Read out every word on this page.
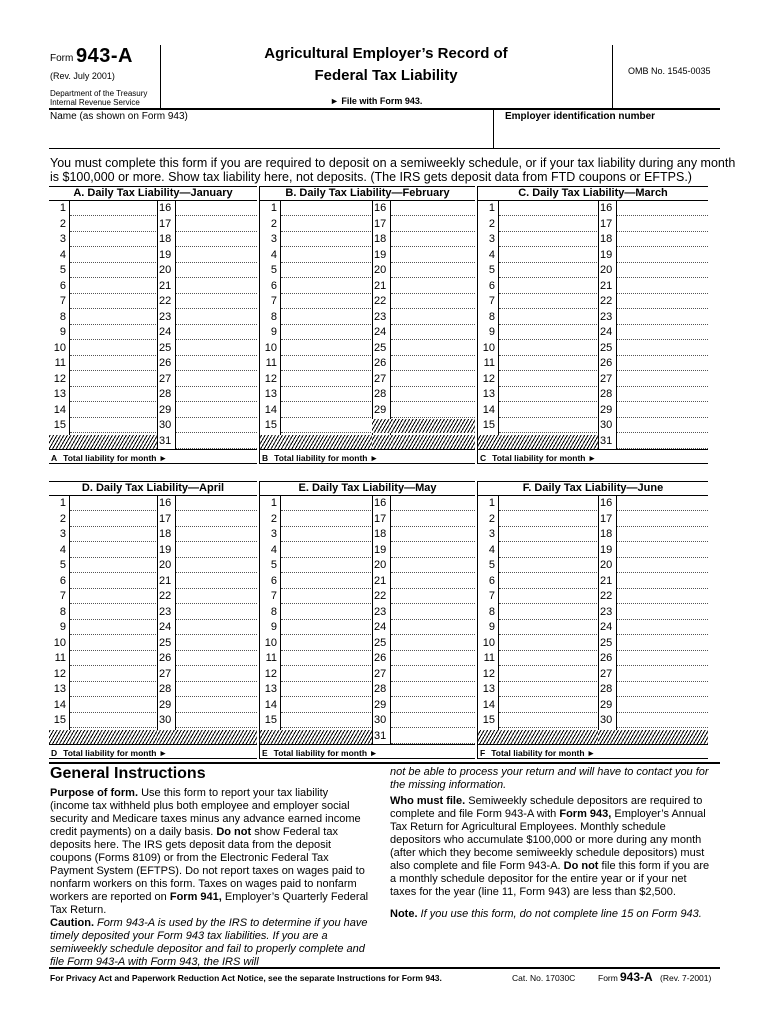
Form 943-A
(Rev. July 2001)
Department of the Treasury
Internal Revenue Service
Agricultural Employer’s Record of
Federal Tax Liability
► File with Form 943.
OMB No. 1545-0035
Name (as shown on Form 943)	Employer identification number
You must complete this form if you are required to deposit on a semiweekly schedule, or if your tax liability during any month
is $100,000 or more. Show tax liability here, not deposits. (The IRS gets deposit data from FTD coupons or EFTPS.)
A. Daily Tax Liability—January
1	16
2	17
3	18
4	19
5	20
6	21
7	22
8	23
9	24
10	25
11	26
12	27
13	28
14	29
15	30
31
A Total liability for month ►
B. Daily Tax Liability—February
1	16
2	17
3	18
4	19
5	20
6	21
7	22
8	23
9	24
10	25
11	26
12	27
13	28
14	29
15
B Total liability for month ►
C. Daily Tax Liability—March
1	16
2	17
3	18
4	19
5	20
6	21
7	22
8	23
9	24
10	25
11	26
12	27
13	28
14	29
15	30
31
C Total liability for month ►
D. Daily Tax Liability—April
1	16
2	17
3	18
4	19
5	20
6	21
7	22
8	23
9	24
10	25
11	26
12	27
13	28
14	29
15	30
D Total liability for month ►
E. Daily Tax Liability—May
1	16
2	17
3	18
4	19
5	20
6	21
7	22
8	23
9	24
10	25
11	26
12	27
13	28
14	29
15	30
31
E Total liability for month ►
F. Daily Tax Liability—June
1	16
2	17
3	18
4	19
5	20
6	21
7	22
8	23
9	24
10	25
11	26
12	27
13	28
14	29
15	30
F Total liability for month ►
General Instructions
Purpose of form. Use this form to report your tax liability (income tax withheld plus both employee and employer social security and Medicare taxes minus any advance earned income credit payments) on a daily basis. Do not show Federal tax deposits here. The IRS gets deposit data from the deposit coupons (Forms 8109) or from the Electronic Federal Tax Payment System (EFTPS). Do not report taxes on wages paid to nonfarm workers on this form. Taxes on wages paid to nonfarm workers are reported on Form 941, Employer’s Quarterly Federal Tax Return.
Caution. Form 943-A is used by the IRS to determine if you have timely deposited your Form 943 tax liabilities. If you are a semiweekly schedule depositor and fail to properly complete and file Form 943-A with Form 943, the IRS will
not be able to process your return and will have to contact you for the missing information.
Who must file. Semiweekly schedule depositors are required to complete and file Form 943-A with Form 943, Employer’s Annual Tax Return for Agricultural Employees. Monthly schedule depositors who accumulate $100,000 or more during any month (after which they become semiweekly schedule depositors) must also complete and file Form 943-A. Do not file this form if you are a monthly schedule depositor for the entire year or if your net taxes for the year (line 11, Form 943) are less than $2,500.
Note. If you use this form, do not complete line 15 on Form 943.
For Privacy Act and Paperwork Reduction Act Notice, see the separate Instructions for Form 943.	Cat. No. 17030C	Form 943-A (Rev. 7-2001)
